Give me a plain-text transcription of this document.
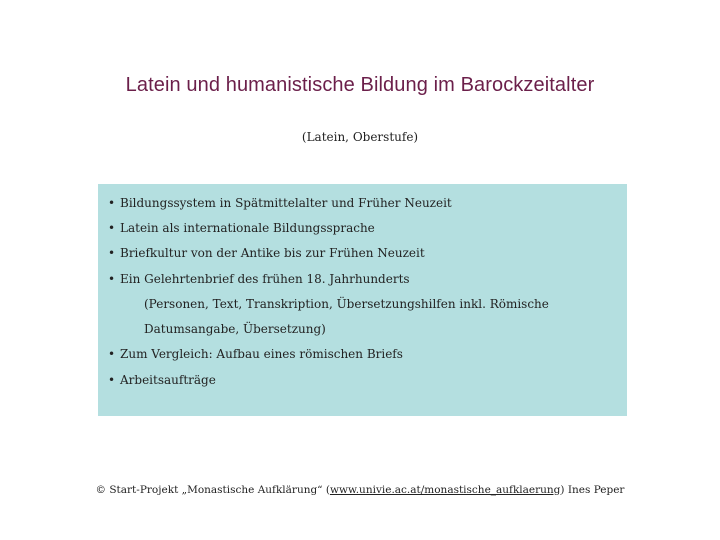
Latein und humanistische Bildung im Barockzeitalter
(Latein, Oberstufe)
• Bildungssystem in Spätmittelalter und Früher Neuzeit
• Latein als internationale Bildungssprache
• Briefkultur von der Antike bis zur Frühen Neuzeit
• Ein Gelehrtenbrief des frühen 18. Jahrhunderts
(Personen, Text, Transkription, Übersetzungshilfen inkl. Römische
Datumsangabe, Übersetzung)
• Zum Vergleich: Aufbau eines römischen Briefs
• Arbeitsaufträge
© Start-Projekt „Monastische Aufklärung“ (www.univie.ac.at/monastische_aufklaerung) Ines Peper
